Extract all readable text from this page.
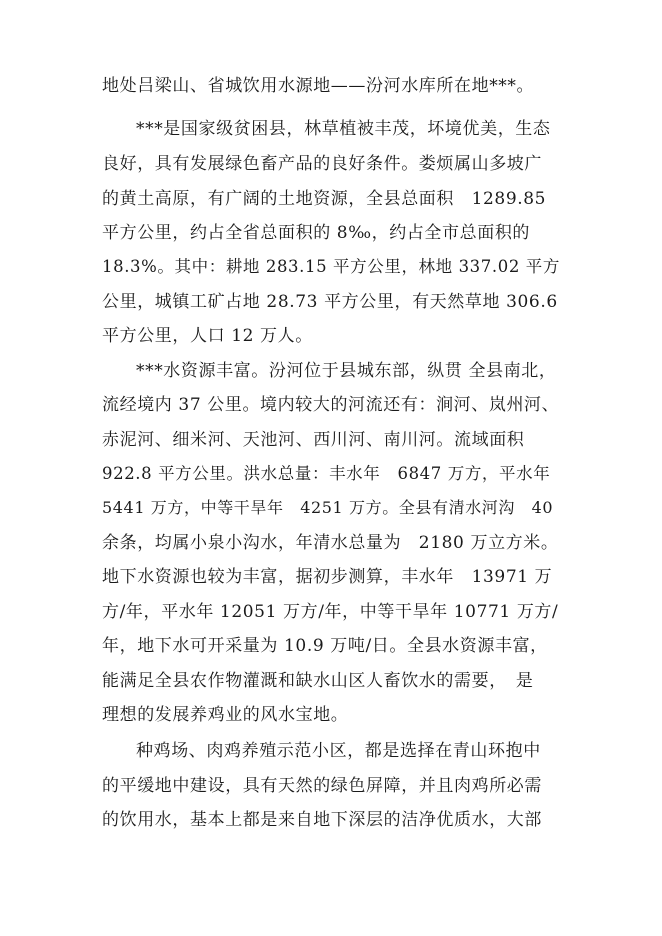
地处吕梁山、省城饮用水源地——汾河水库所在地***。
***是国家级贫困县，林草植被丰茂，坏境优美，生态
良好，具有发展绿色畜产品的良好条件。娄烦属山多坡广
的黄土高原，有广阔的土地资源，全县总面积　1289.85
平方公里，约占全省总面积的 8‰，约占全市总面积的
18.3%。其中：耕地 283.15 平方公里，林地 337.02 平方
公里，城镇工矿占地 28.73 平方公里，有天然草地 306.6
平方公里，人口 12 万人。
***水资源丰富。汾河位于县城东部，纵贯 全县南北，
流经境内 37 公里。境内较大的河流还有：涧河、岚州河、
赤泥河、细米河、天池河、西川河、南川河。流域面积
922.8 平方公里。洪水总量：丰水年　6847 万方，平水年
5441 万方，中等干旱年　4251 万方。全县有清水河沟　40
余条，均属小泉小沟水，年清水总量为　2180 万立方米。
地下水资源也较为丰富，据初步测算，丰水年　13971 万
方/年，平水年 12051 万方/年，中等干旱年 10771 万方/
年，地下水可开采量为 10.9 万吨/日。全县水资源丰富，
能满足全县农作物灌溉和缺水山区人畜饮水的需要，　是
理想的发展养鸡业的风水宝地。
种鸡场、肉鸡养殖示范小区，都是选择在青山环抱中
的平缓地中建设，具有天然的绿色屏障，并且肉鸡所必需
的饮用水，基本上都是来自地下深层的洁净优质水，大部
